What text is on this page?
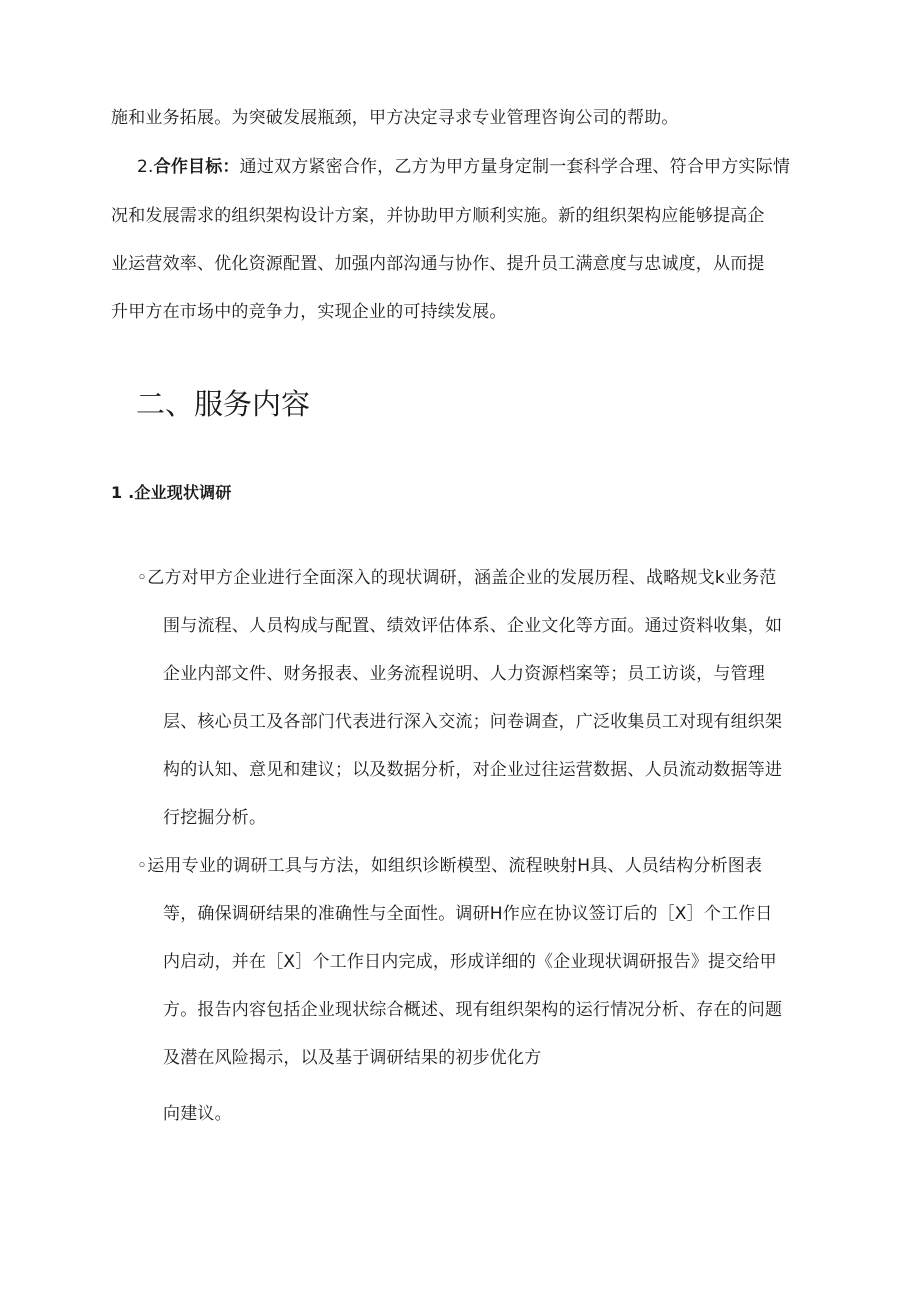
施和业务拓展。为突破发展瓶颈，甲方决定寻求专业管理咨询公司的帮助。
2.合作目标：通过双方紧密合作，乙方为甲方量身定制一套科学合理、符合甲方实际情
况和发展需求的组织架构设计方案，并协助甲方顺利实施。新的组织架构应能够提高企
业运营效率、优化资源配置、加强内部沟通与协作、提升员工满意度与忠诚度，从而提
升甲方在市场中的竞争力，实现企业的可持续发展。
二、服务内容
1 .企业现状调研
◦乙方对甲方企业进行全面深入的现状调研，涵盖企业的发展历程、战略规戈k业务范
围与流程、人员构成与配置、绩效评估体系、企业文化等方面。通过资料收集，如
企业内部文件、财务报表、业务流程说明、人力资源档案等；员工访谈，与管理
层、核心员工及各部门代表进行深入交流；问卷调查，广泛收集员工对现有组织架
构的认知、意见和建议；以及数据分析，对企业过往运营数据、人员流动数据等进
行挖掘分析。
◦运用专业的调研工具与方法，如组织诊断模型、流程映射H具、人员结构分析图表
等，确保调研结果的准确性与全面性。调研H作应在协议签订后的［X］个工作日
内启动，并在［X］个工作日内完成，形成详细的《企业现状调研报告》提交给甲
方。报告内容包括企业现状综合概述、现有组织架构的运行情况分析、存在的问题
及潜在风险揭示，以及基于调研结果的初步优化方
向建议。
